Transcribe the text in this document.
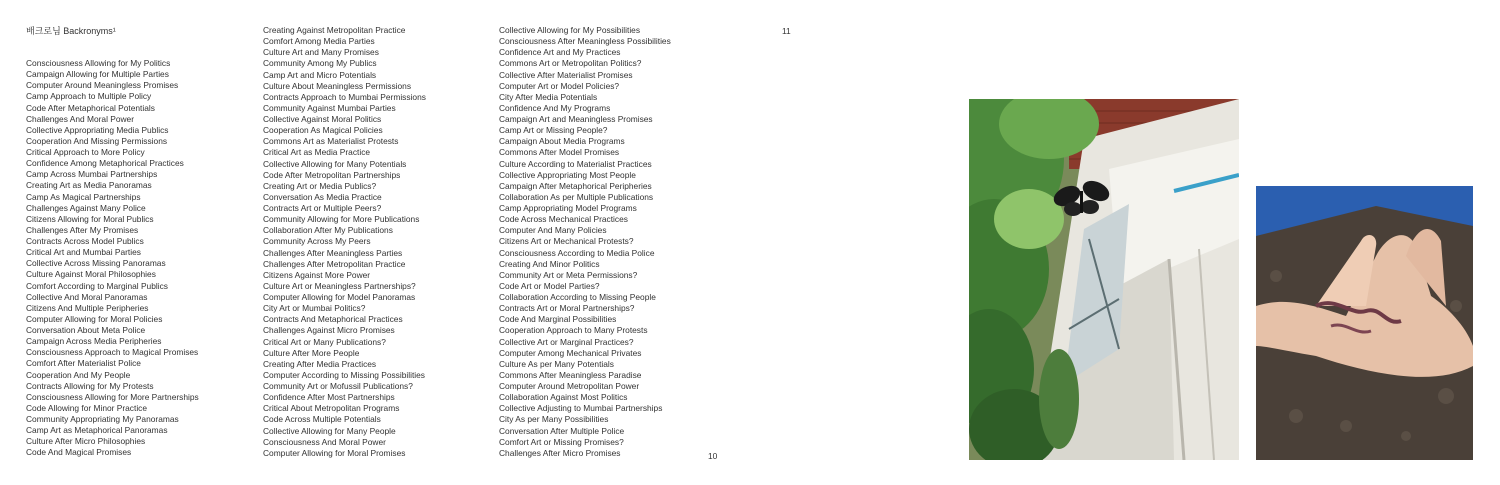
배크로님 Backronyms¹
Consciousness Allowing for My Politics
Campaign Allowing for Multiple Parties
Computer Around Meaningless Promises
Camp Approach to Multiple Policy
Code After Metaphorical Potentials
Challenges And Moral Power
Collective Appropriating Media Publics
Cooperation And Missing Permissions
Critical Approach to More Policy
Confidence Among Metaphorical Practices
Camp Across Mumbai Partnerships
Creating Art as Media Panoramas
Camp As Magical Partnerships
Challenges Against Many Police
Citizens Allowing for Moral Publics
Challenges After My Promises
Contracts Across Model Publics
Critical Art and Mumbai Parties
Collective Across Missing Panoramas
Culture Against Moral Philosophies
Comfort According to Marginal Publics
Collective And Moral Panoramas
Citizens And Multiple Peripheries
Computer Allowing for Moral Policies
Conversation About Meta Police
Campaign Across Media Peripheries
Consciousness Approach to Magical Promises
Comfort After Materialist Police
Cooperation And My People
Contracts Allowing for My Protests
Consciousness Allowing for More Partnerships
Code Allowing for Minor Practice
Community Appropriating My Panoramas
Camp Art as Metaphorical Panoramas
Culture After Micro Philosophies
Code And Magical Promises
Creating Against Metropolitan Practice
Comfort Among Media Parties
Culture Art and Many Promises
Community Among My Publics
Camp Art and Micro Potentials
Culture About Meaningless Permissions
Contracts Approach to Mumbai Permissions
Community Against Mumbai Parties
Collective Against Moral Politics
Cooperation As Magical Policies
Commons Art as Materialist Protests
Critical Art as Media Practice
Collective Allowing for Many Potentials
Code After Metropolitan Partnerships
Creating Art or Media Publics?
Conversation As Media Practice
Contracts Art or Multiple Peers?
Community Allowing for More Publications
Collaboration After My Publications
Community Across My Peers
Challenges After Meaningless Parties
Challenges After Metropolitan Practice
Citizens Against More Power
Culture Art or Meaningless Partnerships?
Computer Allowing for Model Panoramas
City Art or Mumbai Politics?
Contracts And Metaphorical Practices
Challenges Against Micro Promises
Critical Art or Many Publications?
Culture After More People
Creating After Media Practices
Computer According to Missing Possibilities
Community Art or Mofussil Publications?
Confidence After Most Partnerships
Critical About Metropolitan Programs
Code Across Multiple Potentials
Collective Allowing for Many People
Consciousness And Moral Power
Computer Allowing for Moral Promises
Collective Allowing for My Possibilities
Consciousness After Meaningless Possibilities
Confidence Art and My Practices
Commons Art or Metropolitan Politics?
Collective After Materialist Promises
Computer Art or Model Policies?
City After Media Potentials
Confidence And My Programs
Campaign Art and Meaningless Promises
Camp Art or Missing People?
Campaign About Media Programs
Commons After Model Promises
Culture According to Materialist Practices
Collective Appropriating Most People
Campaign After Metaphorical Peripheries
Collaboration As per Multiple Publications
Camp Appropriating Model Programs
Code Across Mechanical Practices
Computer And Many Policies
Citizens Art or Mechanical Protests?
Consciousness According to Media Police
Creating And Minor Politics
Community Art or Meta Permissions?
Code Art or Model Parties?
Collaboration According to Missing People
Contracts Art or Moral Partnerships?
Code And Marginal Possibilities
Cooperation Approach to Many Protests
Collective Art or Marginal Practices?
Computer Among Mechanical Privates
Culture As per Many Potentials
Commons After Meaningless Paradise
Computer Around Metropolitan Power
Collaboration Against Most Politics
Collective Adjusting to Mumbai Partnerships
City As per Many Possibilities
Conversation After Multiple Police
Comfort Art or Missing Promises?
Challenges After Micro Promises	10
11
